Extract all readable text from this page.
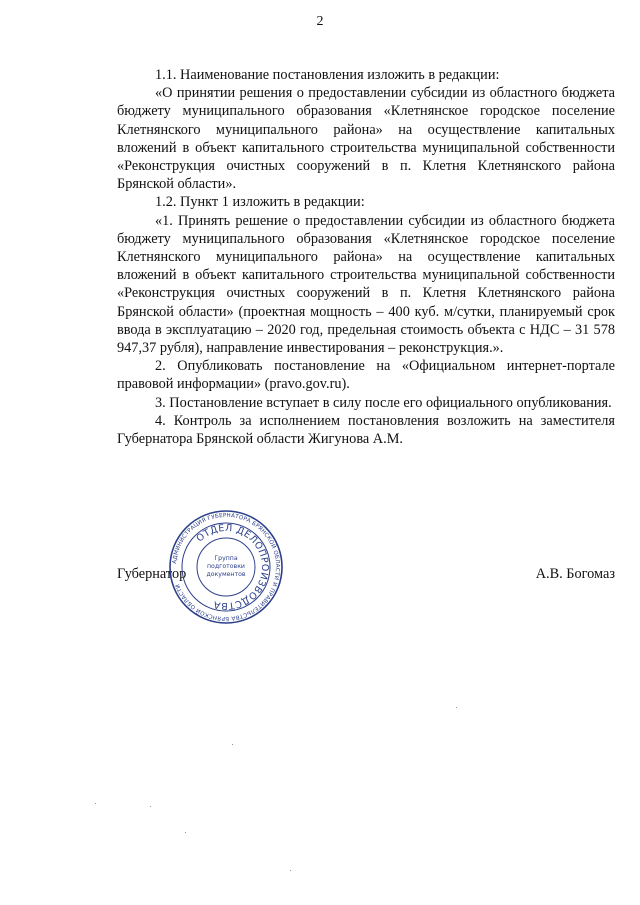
2

1.1. Наименование постановления изложить в редакции:

«О принятии решения о предоставлении субсидии из областного бюджета бюджету муниципального образования «Клетнянское городское поселение Клетнянского муниципального района» на осуществление капитальных вложений в объект капитального строительства муниципальной собственности «Реконструкция очистных сооружений в п. Клетня Клетнянского района Брянской области».

1.2. Пункт 1 изложить в редакции:

«1. Принять решение о предоставлении субсидии из областного бюджета бюджету муниципального образования «Клетнянское городское поселение Клетнянского муниципального района» на осуществление капитальных вложений в объект капитального строительства муниципальной собственности «Реконструкция очистных сооружений в п. Клетня Клетнянского района Брянской области» (проектная мощность – 400 куб. м/сутки, планируемый срок ввода в эксплуатацию – 2020 год, предельная стоимость объекта с НДС – 31 578 947,37 рубля), направление инвестирования – реконструкция.».

2. Опубликовать постановление на «Официальном интернет-портале правовой информации» (pravo.gov.ru).

3. Постановление вступает в силу после его официального опубликования.

4. Контроль за исполнением постановления возложить на заместителя Губернатора Брянской области Жигунова А.М.

Губернатор	А.В. Богомаз
АДМИНИСТРАЦИЯ ГУБЕРНАТОРА БРЯНСКОЙ ОБЛАСТИ И ПРАВИТЕЛЬСТВА БРЯНСКОЙ ОБЛАСТИ
ОТДЕЛ ДЕЛОПРОИЗВОДСТВА
Группа
подготовки
документов
